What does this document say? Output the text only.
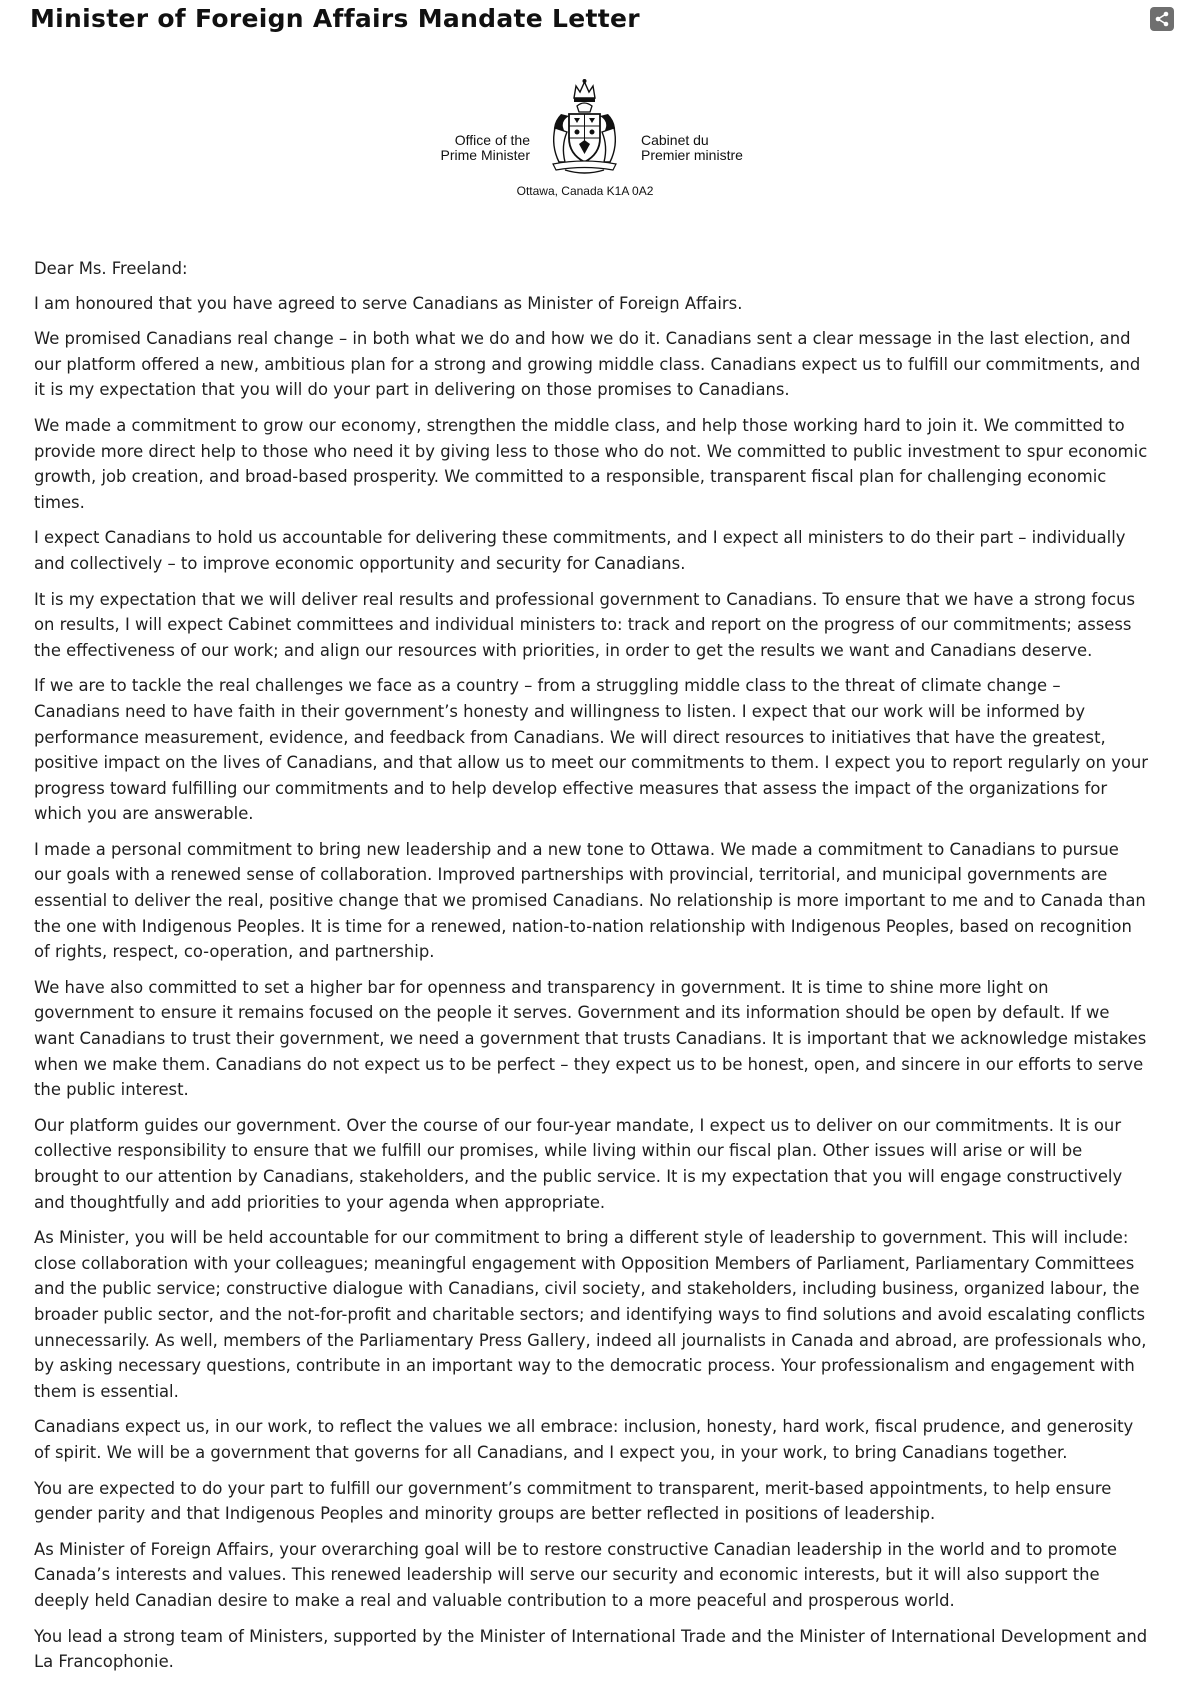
Minister of Foreign Affairs Mandate Letter
Office of the
Prime Minister
Cabinet du
Premier ministre
Ottawa, Canada K1A 0A2

Dear Ms. Freeland:

I am honoured that you have agreed to serve Canadians as Minister of Foreign Affairs.

We promised Canadians real change – in both what we do and how we do it. Canadians sent a clear message in the last election, and our platform offered a new, ambitious plan for a strong and growing middle class. Canadians expect us to fulfill our commitments, and it is my expectation that you will do your part in delivering on those promises to Canadians.

We made a commitment to grow our economy, strengthen the middle class, and help those working hard to join it. We committed to provide more direct help to those who need it by giving less to those who do not. We committed to public investment to spur economic growth, job creation, and broad-based prosperity. We committed to a responsible, transparent fiscal plan for challenging economic times.

I expect Canadians to hold us accountable for delivering these commitments, and I expect all ministers to do their part – individually and collectively – to improve economic opportunity and security for Canadians.

It is my expectation that we will deliver real results and professional government to Canadians. To ensure that we have a strong focus on results, I will expect Cabinet committees and individual ministers to: track and report on the progress of our commitments; assess the effectiveness of our work; and align our resources with priorities, in order to get the results we want and Canadians deserve.

If we are to tackle the real challenges we face as a country – from a struggling middle class to the threat of climate change – Canadians need to have faith in their government’s honesty and willingness to listen. I expect that our work will be informed by performance measurement, evidence, and feedback from Canadians. We will direct resources to initiatives that have the greatest, positive impact on the lives of Canadians, and that allow us to meet our commitments to them. I expect you to report regularly on your progress toward fulfilling our commitments and to help develop effective measures that assess the impact of the organizations for which you are answerable.

I made a personal commitment to bring new leadership and a new tone to Ottawa. We made a commitment to Canadians to pursue our goals with a renewed sense of collaboration. Improved partnerships with provincial, territorial, and municipal governments are essential to deliver the real, positive change that we promised Canadians. No relationship is more important to me and to Canada than the one with Indigenous Peoples. It is time for a renewed, nation-to-nation relationship with Indigenous Peoples, based on recognition of rights, respect, co-operation, and partnership.

We have also committed to set a higher bar for openness and transparency in government. It is time to shine more light on government to ensure it remains focused on the people it serves. Government and its information should be open by default. If we want Canadians to trust their government, we need a government that trusts Canadians. It is important that we acknowledge mistakes when we make them. Canadians do not expect us to be perfect – they expect us to be honest, open, and sincere in our efforts to serve the public interest.

Our platform guides our government. Over the course of our four-year mandate, I expect us to deliver on our commitments. It is our collective responsibility to ensure that we fulfill our promises, while living within our fiscal plan. Other issues will arise or will be brought to our attention by Canadians, stakeholders, and the public service. It is my expectation that you will engage constructively and thoughtfully and add priorities to your agenda when appropriate.

As Minister, you will be held accountable for our commitment to bring a different style of leadership to government. This will include: close collaboration with your colleagues; meaningful engagement with Opposition Members of Parliament, Parliamentary Committees and the public service; constructive dialogue with Canadians, civil society, and stakeholders, including business, organized labour, the broader public sector, and the not-for-profit and charitable sectors; and identifying ways to find solutions and avoid escalating conflicts unnecessarily. As well, members of the Parliamentary Press Gallery, indeed all journalists in Canada and abroad, are professionals who, by asking necessary questions, contribute in an important way to the democratic process. Your professionalism and engagement with them is essential.

Canadians expect us, in our work, to reflect the values we all embrace: inclusion, honesty, hard work, fiscal prudence, and generosity of spirit. We will be a government that governs for all Canadians, and I expect you, in your work, to bring Canadians together.

You are expected to do your part to fulfill our government’s commitment to transparent, merit-based appointments, to help ensure gender parity and that Indigenous Peoples and minority groups are better reflected in positions of leadership.

As Minister of Foreign Affairs, your overarching goal will be to restore constructive Canadian leadership in the world and to promote Canada’s interests and values. This renewed leadership will serve our security and economic interests, but it will also support the deeply held Canadian desire to make a real and valuable contribution to a more peaceful and prosperous world.

You lead a strong team of Ministers, supported by the Minister of International Trade and the Minister of International Development and La Francophonie.
